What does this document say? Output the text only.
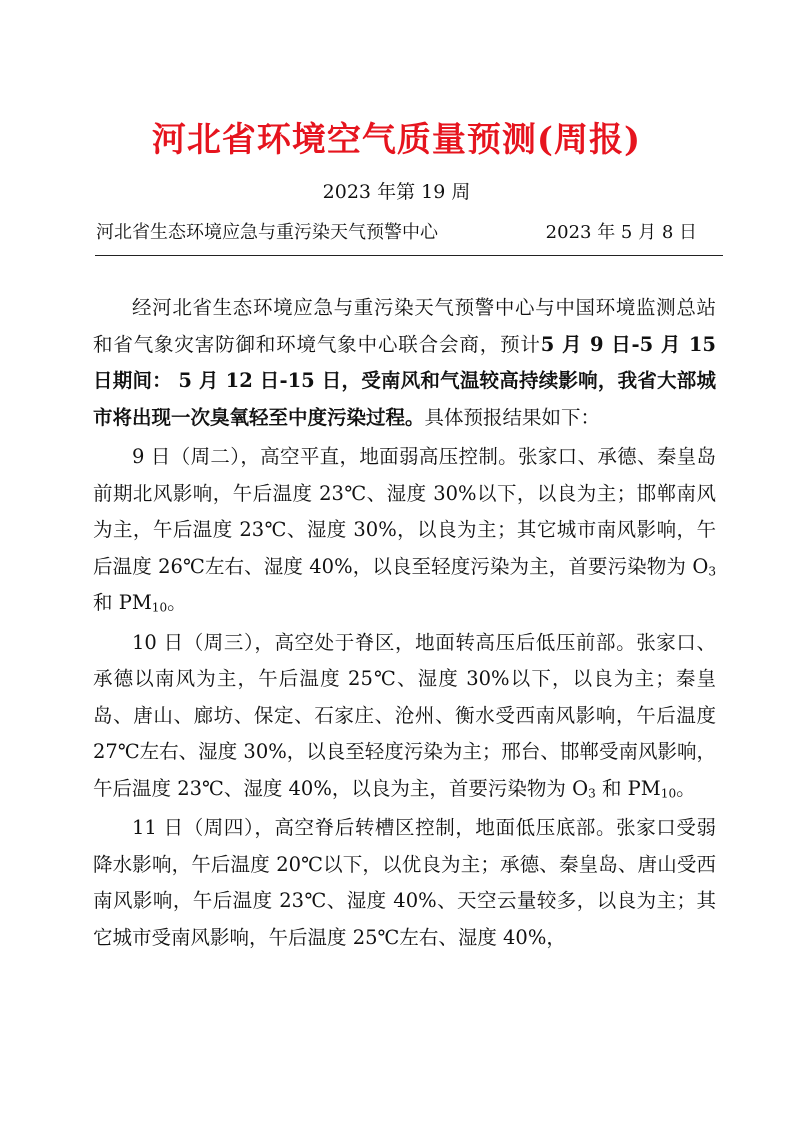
河北省环境空气质量预测(周报)
2023 年第 19 周
河北省生态环境应急与重污染天气预警中心	2023 年 5 月 8 日

经河北省生态环境应急与重污染天气预警中心与中国环境监测总站和省气象灾害防御和环境气象中心联合会商，预计5 月 9 日-5 月 15 日期间： 5 月 12 日-15 日，受南风和气温较高持续影响，我省大部城市将出现一次臭氧轻至中度污染过程。具体预报结果如下：

9 日（周二），高空平直，地面弱高压控制。张家口、承德、秦皇岛前期北风影响，午后温度 23℃、湿度 30%以下，以良为主；邯郸南风为主，午后温度 23℃、湿度 30%，以良为主；其它城市南风影响，午后温度 26℃左右、湿度 40%，以良至轻度污染为主，首要污染物为 $O_3$ 和 $PM_{10}$。

10 日（周三），高空处于脊区，地面转高压后低压前部。张家口、承德以南风为主，午后温度 25℃、湿度 30%以下，以良为主；秦皇岛、唐山、廊坊、保定、石家庄、沧州、衡水受西南风影响，午后温度 27℃左右、湿度 30%，以良至轻度污染为主；邢台、邯郸受南风影响，午后温度 23℃、湿度 40%，以良为主，首要污染物为 $O_3$ 和 $PM_{10}$。

11 日（周四），高空脊后转槽区控制，地面低压底部。张家口受弱降水影响，午后温度 20℃以下，以优良为主；承德、秦皇岛、唐山受西南风影响，午后温度 23℃、湿度 40%、天空云量较多，以良为主；其它城市受南风影响，午后温度 25℃左右、湿度 40%，
